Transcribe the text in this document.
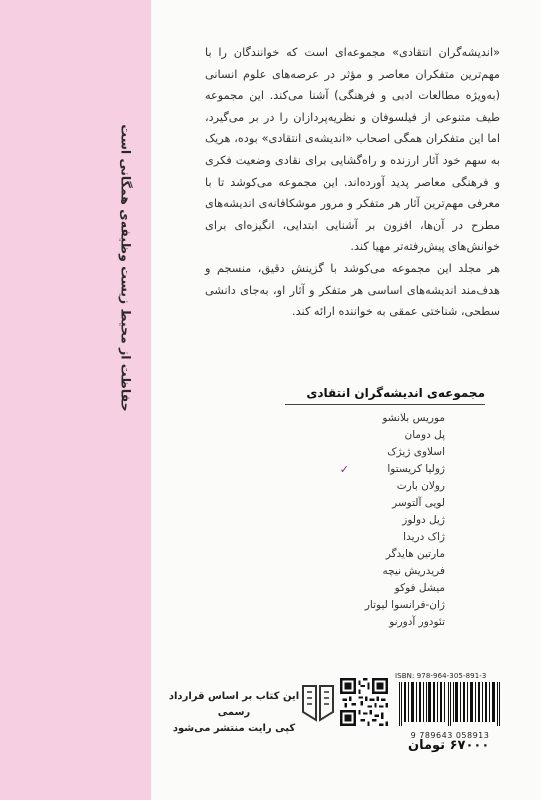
حفاظت از محیط زیست وظیفه‌ی همگانی است

«اندیشه‌گران انتقادی» مجموعه‌ای است که خوانندگان را با مهم‌ترین متفکران معاصر و مؤثر در عرصه‌های علوم انسانی (به‌ویژه مطالعات ادبی و فرهنگی) آشنا می‌کند. این مجموعه طیف متنوعی از فیلسوفان و نظریه‌پردازان را در بر می‌گیرد، اما این متفکران همگی اصحاب «اندیشه‌ی انتقادی» بوده، هریک به سهم خود آثار ارزنده و راه‌گشایی برای نقادی وضعیت فکری و فرهنگی معاصر پدید آورده‌اند. این مجموعه می‌کوشد تا با معرفی مهم‌ترین آثار هر متفکر و مرور موشکافانه‌ی اندیشه‌های مطرح در آن‌ها، افزون بر آشنایی ابتدایی، انگیزه‌ای برای خوانش‌های پیش‌رفته‌تر مهیا کند.

هر مجلد این مجموعه می‌کوشد با گزینش دقیق، منسجم و هدف‌مند اندیشه‌های اساسی هر متفکر و آثار او، به‌جای دانشی سطحی، شناختی عمقی به خواننده ارائه کند.

مجموعه‌ی اندیشه‌گران انتقادی
موریس بلانشو
پل دومان
اسلاوی ژیژک
ژولیا کریستوا
✓
رولان بارت
لویی آلتوسر
ژیل دولوز
ژاک دریدا
مارتین هایدگر
فریدریش نیچه
میشل فوکو
ژان-فرانسوا لیوتار
تئودور آدورنو

این کتاب بر اساس قرارداد رسمی

کپی رایت منتشر می‌شود

ISBN: 978-964-305-891-3
9 789643 058913
۶۷۰۰۰ تومان
